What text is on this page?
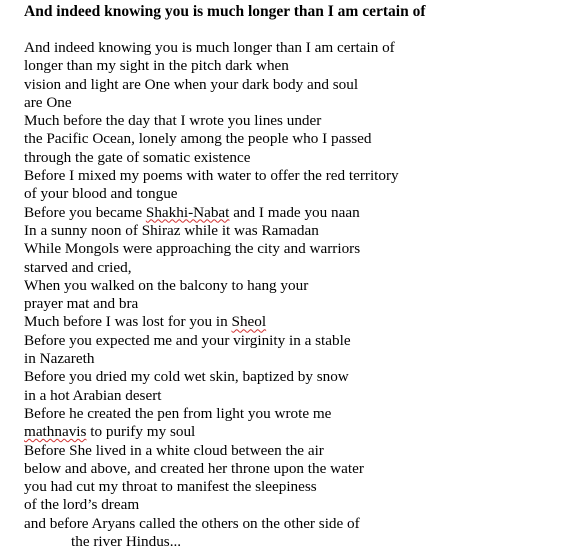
And indeed knowing you is much longer than I am certain of
And indeed knowing you is much longer than I am certain of
longer than my sight in the pitch dark when
vision and light are One when your dark body and soul
are One
Much before the day that I wrote you lines under
the Pacific Ocean, lonely among the people who I passed
through the gate of somatic existence
Before I mixed my poems with water to offer the red territory
of your blood and tongue
Before you became Shakhi-Nabat and I made you naan
In a sunny noon of Shiraz while it was Ramadan
While Mongols were approaching the city and warriors
starved and cried,
When you walked on the balcony to hang your
prayer mat and bra
Much before I was lost for you in Sheol
Before you expected me and your virginity in a stable
in Nazareth
Before you dried my cold wet skin, baptized by snow
in a hot Arabian desert
Before he created the pen from light you wrote me
mathnavis to purify my soul
Before She lived in a white cloud between the air
below and above, and created her throne upon the water
you had cut my throat to manifest the sleepiness
of the lord’s dream
and before Aryans called the others on the other side of
the river Hindus...
